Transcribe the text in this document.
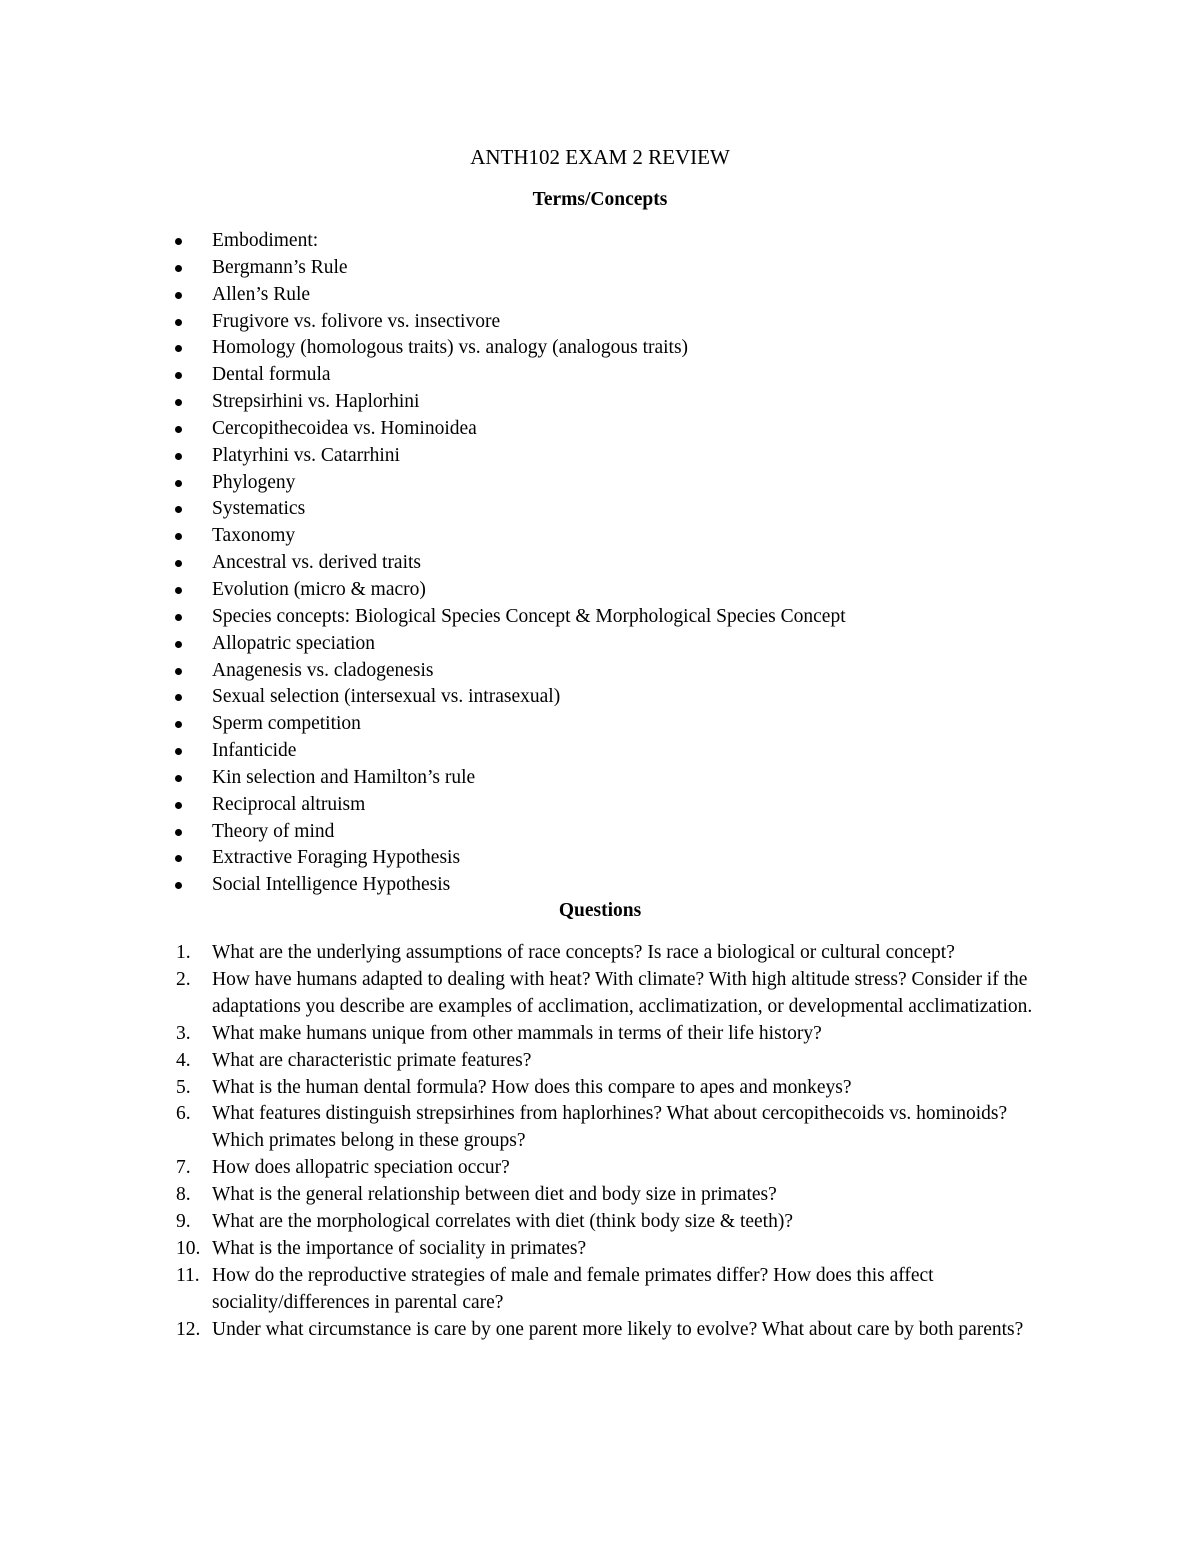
ANTH102 EXAM 2 REVIEW
Terms/Concepts
Embodiment:
Bergmann’s Rule
Allen’s Rule
Frugivore vs. folivore vs. insectivore
Homology (homologous traits) vs. analogy (analogous traits)
Dental formula
Strepsirhini vs. Haplorhini
Cercopithecoidea vs. Hominoidea
Platyrhini vs. Catarrhini
Phylogeny
Systematics
Taxonomy
Ancestral vs. derived traits
Evolution (micro & macro)
Species concepts: Biological Species Concept & Morphological Species Concept
Allopatric speciation
Anagenesis vs. cladogenesis
Sexual selection (intersexual vs. intrasexual)
Sperm competition
Infanticide
Kin selection and Hamilton’s rule
Reciprocal altruism
Theory of mind
Extractive Foraging Hypothesis
Social Intelligence Hypothesis
Questions
1. What are the underlying assumptions of race concepts? Is race a biological or cultural concept?
2. How have humans adapted to dealing with heat? With climate? With high altitude stress? Consider if the adaptations you describe are examples of acclimation, acclimatization, or developmental acclimatization.
3. What make humans unique from other mammals in terms of their life history?
4. What are characteristic primate features?
5. What is the human dental formula? How does this compare to apes and monkeys?
6. What features distinguish strepsirhines from haplorhines? What about cercopithecoids vs. hominoids? Which primates belong in these groups?
7. How does allopatric speciation occur?
8. What is the general relationship between diet and body size in primates?
9. What are the morphological correlates with diet (think body size & teeth)?
10. What is the importance of sociality in primates?
11. How do the reproductive strategies of male and female primates differ? How does this affect sociality/differences in parental care?
12. Under what circumstance is care by one parent more likely to evolve? What about care by both parents?
